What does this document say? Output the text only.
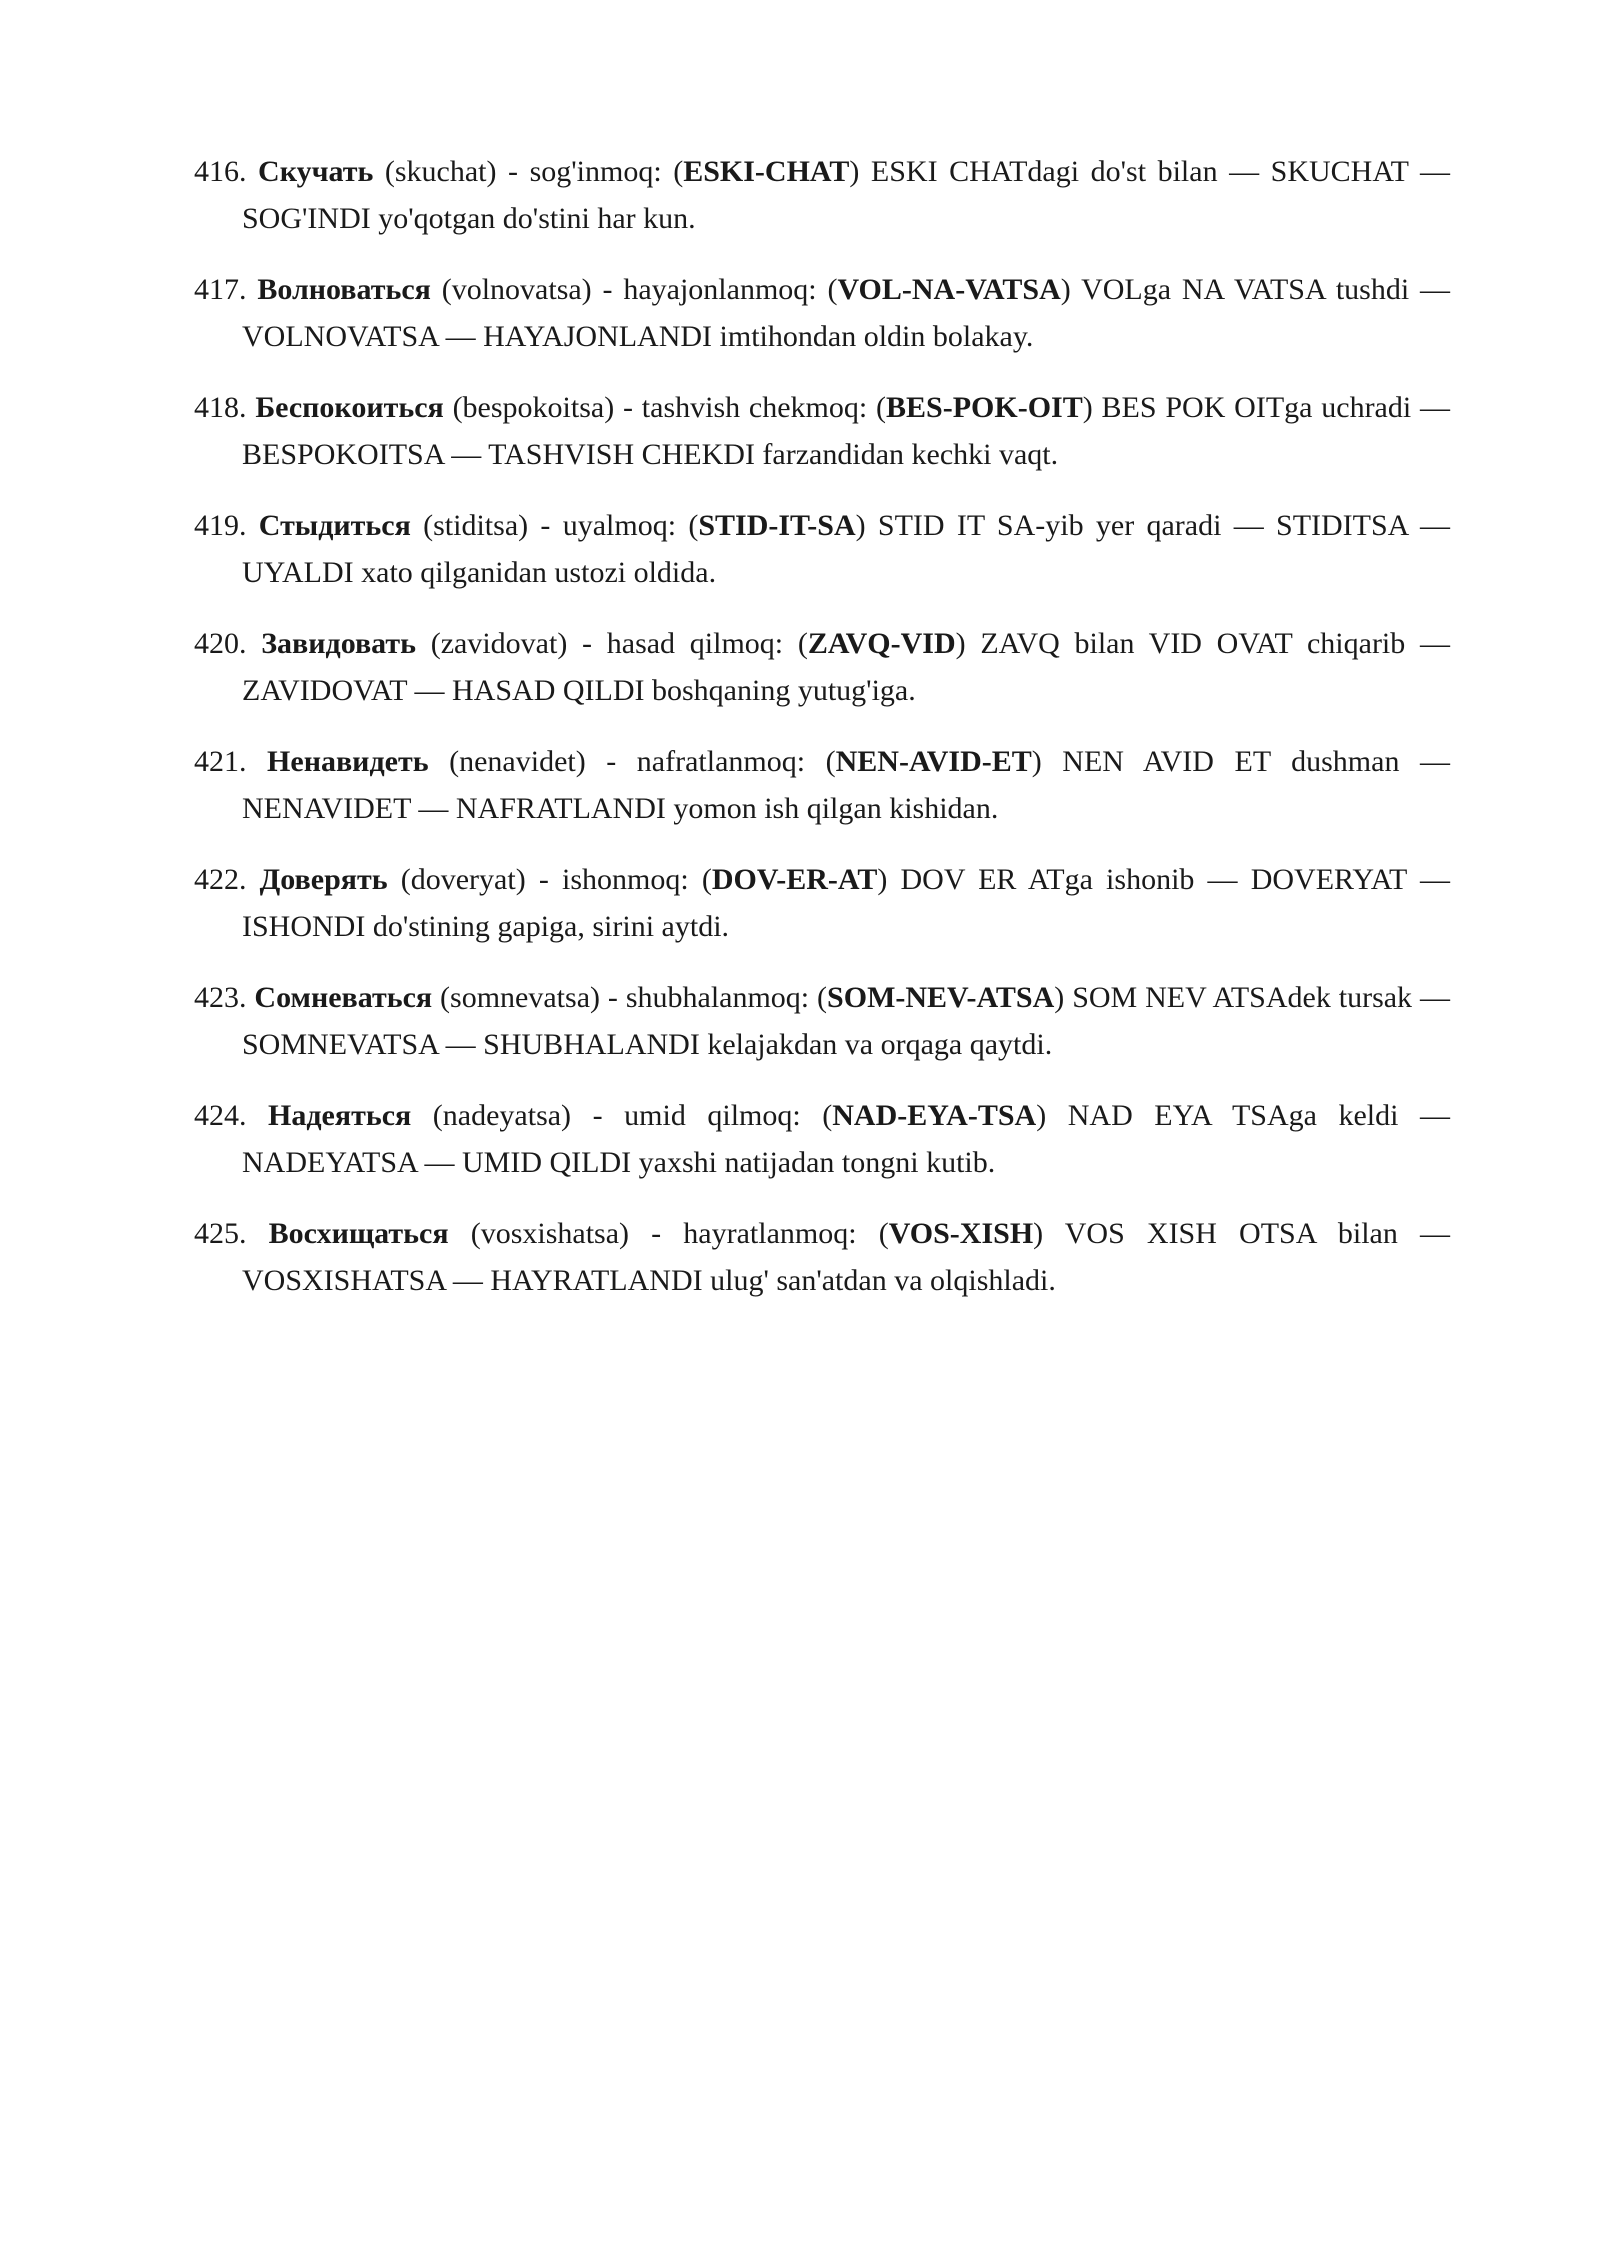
416. Скучать (skuchat) - sog'inmoq: (ESKI-CHAT) ESKI CHATdagi do'st bilan — SKUCHAT — SOG'INDI yo'qotgan do'stini har kun.

417. Волноваться (volnovatsa) - hayajonlanmoq: (VOL-NA-VATSA) VOLga NA VATSA tushdi — VOLNOVATSA — HAYAJONLANDI imtihondan oldin bolakay.

418. Беспокоиться (bespokoitsa) - tashvish chekmoq: (BES-POK-OIT) BES POK OITga uchradi — BESPOKOITSA — TASHVISH CHEKDI farzandidan kechki vaqt.

419. Стыдиться (stiditsa) - uyalmoq: (STID-IT-SA) STID IT SA-yib yer qaradi — STIDITSA — UYALDI xato qilganidan ustozi oldida.

420. Завидовать (zavidovat) - hasad qilmoq: (ZAVQ-VID) ZAVQ bilan VID OVAT chiqarib — ZAVIDOVAT — HASAD QILDI boshqaning yutug'iga.

421. Ненавидеть (nenavidet) - nafratlanmoq: (NEN-AVID-ET) NEN AVID ET dushman — NENAVIDET — NAFRATLANDI yomon ish qilgan kishidan.

422. Доверять (doveryat) - ishonmoq: (DOV-ER-AT) DOV ER ATga ishonib — DOVERYAT — ISHONDI do'stining gapiga, sirini aytdi.

423. Сомневаться (somnevatsa) - shubhalanmoq: (SOM-NEV-ATSA) SOM NEV ATSAdek tursak — SOMNEVATSA — SHUBHALANDI kelajakdan va orqaga qaytdi.

424. Надеяться (nadeyatsa) - umid qilmoq: (NAD-EYA-TSA) NAD EYA TSAga keldi — NADEYATSA — UMID QILDI yaxshi natijadan tongni kutib.

425. Восхищаться (vosxishatsa) - hayratlanmoq: (VOS-XISH) VOS XISH OTSA bilan — VOSXISHATSA — HAYRATLANDI ulug' san'atdan va olqishladi.
